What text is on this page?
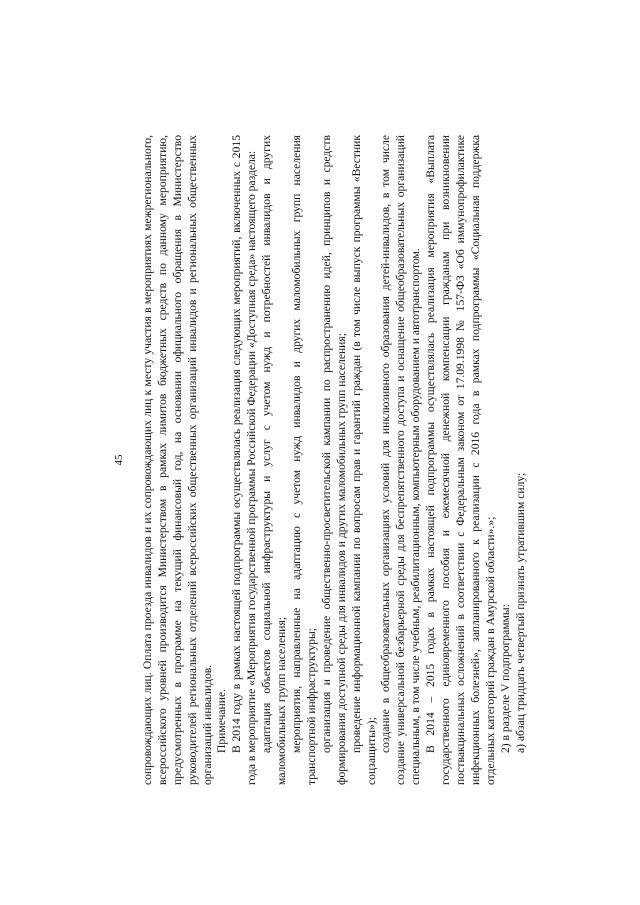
45 сопровождающих лиц. Оплата проезда инвалидов и их сопровождающих лиц к месту участия в мероприятиях межрегионального, всероссийского уровней производится Министерством в рамках лимитов бюджетных средств по данному мероприятию, предусмотренных в программе на текущий финансовый год, на основании официального обращения в Министерство руководителей региональных отделений всероссийских общественных организаций инвалидов и региональных общественных организаций инвалидов. Примечание. В 2014 году в рамках настоящей подпрограммы осуществлялась реализация следующих мероприятий, включенных с 2015 года в мероприятие «Мероприятия государственной программы Российской Федерации «Доступная среда» настоящего раздела: адаптация объектов социальной инфраструктуры и услуг с учетом нужд и потребностей инвалидов и других маломобильных групп населения; мероприятия, направленные на адаптацию с учетом нужд инвалидов и других маломобильных групп населения транспортной инфраструктуры; организация и проведение общественно-просветительской кампании по распространению идей, принципов и средств формирования доступной среды для инвалидов и других маломобильных групп населения; проведение информационной кампании по вопросам прав и гарантий граждан (в том числе выпуск программы «Вестник соцзащиты»); создание в общеобразовательных организациях условий для инклюзивного образования детей-инвалидов, в том числе создание универсальной безбарьерной среды для беспрепятственного доступа и оснащение общеобразовательных организаций специальным, в том числе учебным, реабилитационным, компьютерным оборудованием и автотранспортом. В 2014 – 2015 годах в рамках настоящей подпрограммы осуществлялась реализация мероприятия «Выплата государственного единовременного пособия и ежемесячной денежной компенсации гражданам при возникновении поствакцинальных осложнений в соответствии с Федеральным законом от 17.09.1998 № 157-ФЗ «Об иммунопрофилактике инфекционных болезней», запланированного к реализации с 2016 года в рамках подпрограммы «Социальная поддержка отдельных категорий граждан в Амурской области».»; 2) в разделе V подпрограммы: а) абзац тридцать четвертый признать утратившим силу;
